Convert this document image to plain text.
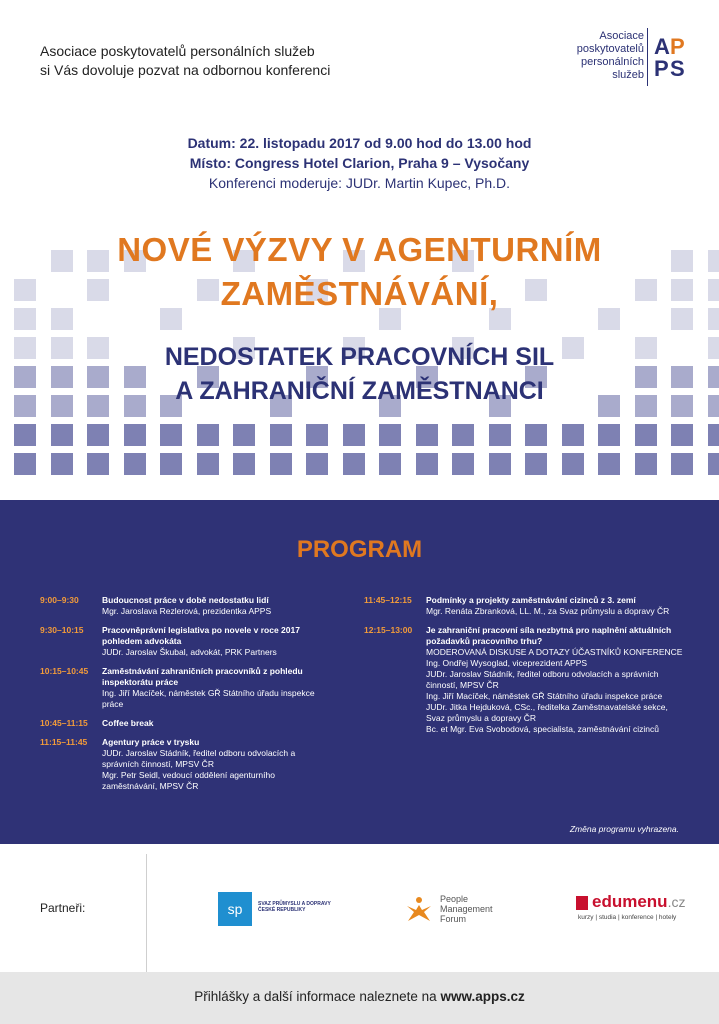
Asociace poskytovatelů personálních služeb
si Vás dovoluje pozvat na odbornou konferenci
Asociace
poskytovatelů
personálních
služeb
A P
P S
Datum: 22. listopadu 2017 od 9.00 hod do 13.00 hod
Místo: Congress Hotel Clarion, Praha 9 – Vysočany
Konferenci moderuje: JUDr. Martin Kupec, Ph.D.
NOVÉ VÝZVY V AGENTURNÍM
ZAMĚSTNÁVÁNÍ,
NEDOSTATEK PRACOVNÍCH SIL
A ZAHRANIČNÍ ZAMĚSTNANCI
PROGRAM
9:00–9:30	Budoucnost práce v době nedostatku lidí
Mgr. Jaroslava Rezlerová, prezidentka APPS
9:30–10:15 Pracovněprávní legislativa po novele v roce 2017 pohledem advokáta
JUDr. Jaroslav Škubal, advokát, PRK Partners
10:15–10:45 Zaměstnávání zahraničních pracovníků z pohledu inspektorátu práce
Ing. Jiří Macíček, náměstek GŘ Státního úřadu inspekce práce
10:45–11:15 Coffee break
11:15–11:45 Agentury práce v trysku
JUDr. Jaroslav Stádník, ředitel odboru odvolacích a správních činností, MPSV ČR
Mgr. Petr Seidl, vedoucí oddělení agenturního zaměstnávání, MPSV ČR
11:45–12:15 Podmínky a projekty zaměstnávání cizinců z 3. zemí
Mgr. Renáta Zbranková, LL. M., za Svaz průmyslu a dopravy ČR
12:15–13:00 Je zahraniční pracovní síla nezbytná pro naplnění aktuálních požadavků pracovního trhu?
MODEROVANÁ DISKUSE A DOTAZY ÚČASTNÍKŮ KONFERENCE
Ing. Ondřej Wysoglad, viceprezident APPS
JUDr. Jaroslav Stádník, ředitel odboru odvolacích a správních činností, MPSV ČR
Ing. Jiří Macíček, náměstek GŘ Státního úřadu inspekce práce
JUDr. Jitka Hejduková, CSc., ředitelka Zaměstnavatelské sekce, Svaz průmyslu a dopravy ČR
Bc. et Mgr. Eva Svobodová, specialista, zaměstnávání cizinců
Změna programu vyhrazena.
Partneři:	sp	SVAZ PRŮMYSLU A DOPRAVY ČESKÉ REPUBLIKY
People
Management
Forum
edumenu.cz
kurzy | studia | konference | hotely
Přihlášky a další informace naleznete na www.apps.cz
